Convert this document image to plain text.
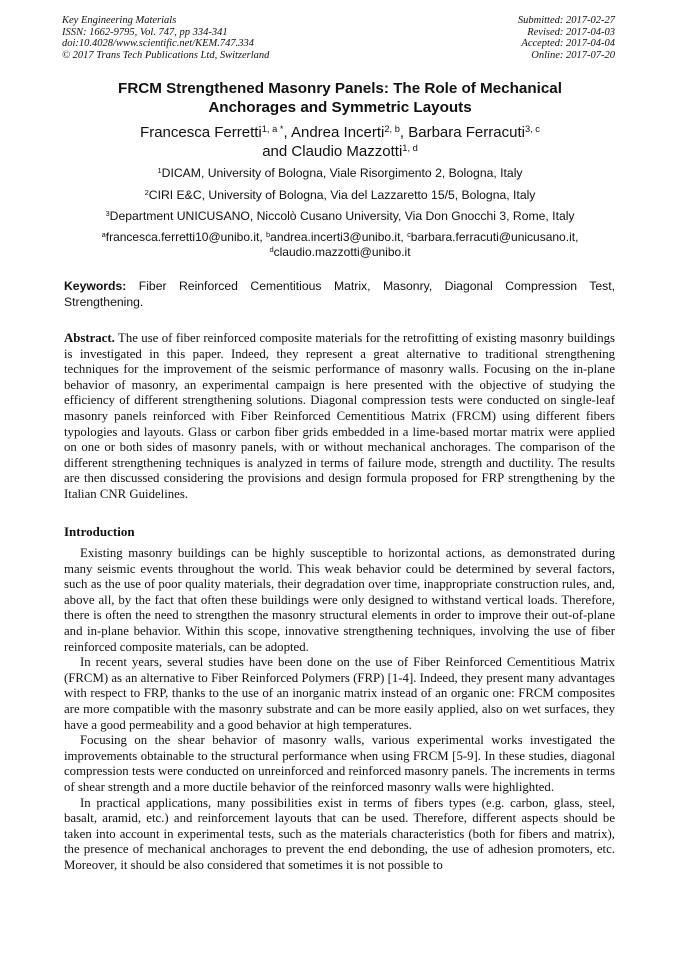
Key Engineering Materials
ISSN: 1662-9795, Vol. 747, pp 334-341
doi:10.4028/www.scientific.net/KEM.747.334
© 2017 Trans Tech Publications Ltd, Switzerland
Submitted: 2017-02-27
Revised: 2017-04-03
Accepted: 2017-04-04
Online: 2017-07-20
FRCM Strengthened Masonry Panels: The Role of Mechanical
Anchorages and Symmetric Layouts
Francesca Ferretti$^{1, a *}$, Andrea Incerti$^{2, b}$, Barbara Ferracuti$^{3, c}$
and Claudio Mazzotti$^{1, d}$
$^1$DICAM, University of Bologna, Viale Risorgimento 2, Bologna, Italy
$^2$CIRI E&C, University of Bologna, Via del Lazzaretto 15/5, Bologna, Italy
$^3$Department UNICUSANO, Niccolò Cusano University, Via Don Gnocchi 3, Rome, Italy
$^a$francesca.ferretti10@unibo.it, $^b$andrea.incerti3@unibo.it, $^c$barbara.ferracuti@unicusano.it,
$^d$claudio.mazzotti@unibo.it
Keywords: Fiber Reinforced Cementitious Matrix, Masonry, Diagonal Compression Test, Strengthening.
Abstract. The use of fiber reinforced composite materials for the retrofitting of existing masonry buildings is investigated in this paper. Indeed, they represent a great alternative to traditional strengthening techniques for the improvement of the seismic performance of masonry walls. Focusing on the in-plane behavior of masonry, an experimental campaign is here presented with the objective of studying the efficiency of different strengthening solutions. Diagonal compression tests were conducted on single-leaf masonry panels reinforced with Fiber Reinforced Cementitious Matrix (FRCM) using different fibers typologies and layouts. Glass or carbon fiber grids embedded in a lime-based mortar matrix were applied on one or both sides of masonry panels, with or without mechanical anchorages. The comparison of the different strengthening techniques is analyzed in terms of failure mode, strength and ductility. The results are then discussed considering the provisions and design formula proposed for FRP strengthening by the Italian CNR Guidelines.
Introduction

Existing masonry buildings can be highly susceptible to horizontal actions, as demonstrated during many seismic events throughout the world. This weak behavior could be determined by several factors, such as the use of poor quality materials, their degradation over time, inappropriate construction rules, and, above all, by the fact that often these buildings were only designed to withstand vertical loads. Therefore, there is often the need to strengthen the masonry structural elements in order to improve their out-of-plane and in-plane behavior. Within this scope, innovative strengthening techniques, involving the use of fiber reinforced composite materials, can be adopted.

In recent years, several studies have been done on the use of Fiber Reinforced Cementitious Matrix (FRCM) as an alternative to Fiber Reinforced Polymers (FRP) [1-4]. Indeed, they present many advantages with respect to FRP, thanks to the use of an inorganic matrix instead of an organic one: FRCM composites are more compatible with the masonry substrate and can be more easily applied, also on wet surfaces, they have a good permeability and a good behavior at high temperatures.

Focusing on the shear behavior of masonry walls, various experimental works investigated the improvements obtainable to the structural performance when using FRCM [5-9]. In these studies, diagonal compression tests were conducted on unreinforced and reinforced masonry panels. The increments in terms of shear strength and a more ductile behavior of the reinforced masonry walls were highlighted.

In practical applications, many possibilities exist in terms of fibers types (e.g. carbon, glass, steel, basalt, aramid, etc.) and reinforcement layouts that can be used. Therefore, different aspects should be taken into account in experimental tests, such as the materials characteristics (both for fibers and matrix), the presence of mechanical anchorages to prevent the end debonding, the use of adhesion promoters, etc. Moreover, it should be also considered that sometimes it is not possible to
